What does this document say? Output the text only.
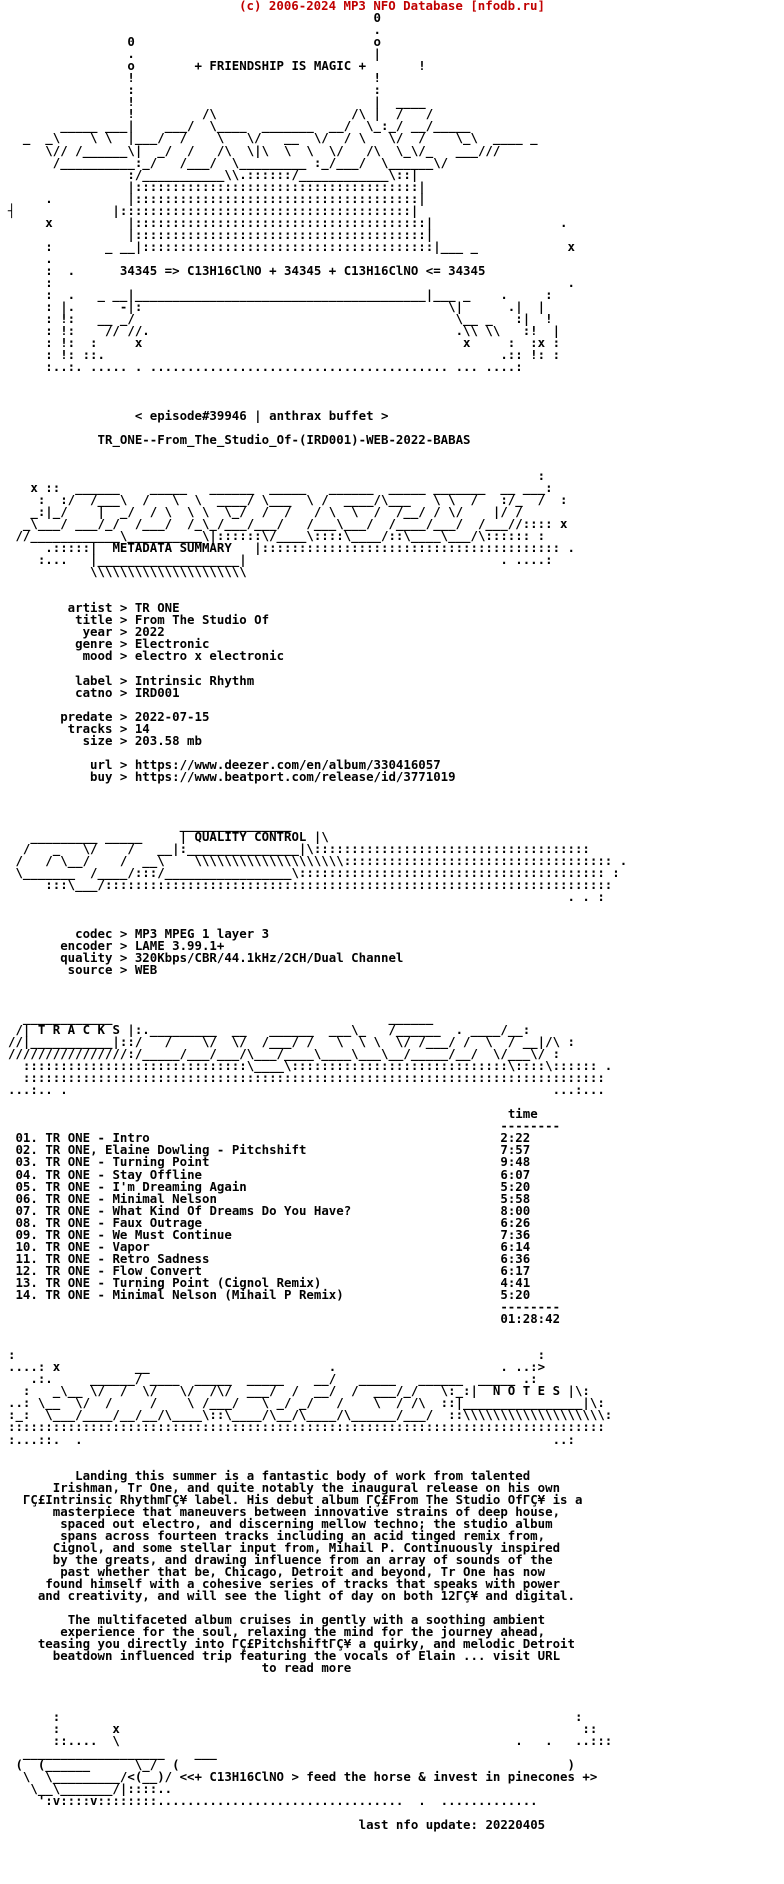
(c) 2006-2024 MP3 NFO Database [nfodb.ru]
0
.
0                                o
.                                |
o	+ FRIENDSHIP IS MAGIC +	!
!                                !
:                                :
!                                |  ____
!         /\                  /\ |  /   /
_____ ___|    ___/  \____  _______  __/  \_:_/ __/_____
_  _\    \ \  |___/  /    \   \/   __  \/  / \   \/  /    \_\  ____ _
\// /______\|  _/  /   /\  \|\  \  \  \/   /\  \_\/_   ___///
/__________:_/   /___/  \_________ :_/___/  \______\/
:/___________\\.::::::/____________\::|
|::::::::::::::::::::::::::::::::::::::|
.          |::::::::::::::::::::::::::::::::::::::|
┤             |:::::::::::::::::::::::::::::::::::::::|
x          |:::::::::::::::::::::::::::::::::::::::|                 .
|:::::::::::::::::::::::::::::::::::::::|
:       _ __|:::::::::::::::::::::::::::::::::::::::|___ _            x
.
:  .	34345 => C13H16ClNO + 34345 + C13H16ClNO <= 34345
:                                                                     .
:  .   _ __|_______________________________________|___ _    .     :
: |.      -|:                                         \|      .|  |
: !:   __ _/                                           \__ _   :|  !
: !:    // //.                                         .\\ \\   :!  |
: !:  :     x                                           x     :  :x :
: !: ::.                                                     .:: !: :
:..:. ..... . ........................................ ... ....:

< episode#39946 | anthrax buffet >

TR_ONE--From_The_Studio_Of-(IRD001)-WEB-2022-BABAS

:
x ::  ______    _____   ______  _____   ______  _____ _______  __ ___:
:  :/  /___\  /   \  \  ____/ \___  \ /  ____/\___   \ \  /   :/_  /  :
_:|_/    |  _/  / \  \ \  \_/  /  /   / \  \  /  /__/ / \/    |/ /
_\___/ ___/_/  /___/  /_\_/___/___/   /___\___/  /____/___/  /___//:::: x
//____________\__________\|::::::\/____\::::\____/::\____\___/\:::::: :
.:::::|  METADATA SUMMARY   |:::::::::::::::::::::::::::::::::::::::: .
:...   |___________________|                                  . ....:
\\\\\\\\\\\\\\\\\\\\\

artist > TR ONE
title > From The Studio Of
year > 2022
genre > Electronic
mood > electro x electronic

label > Intrinsic Rhythm
catno > IRD001

predate > 2022-07-15
tracks > 14
size > 203.58 mb

url > https://www.deezer.com/en/album/330416057
buy > https://www.beatport.com/release/id/3771019

_______________
_________ _____     | QUALITY CONTROL |\
/   _   \/    /   __|:_______________|\:::::::::::::::::::::::::::::::::::::
/   / \__/    /  __\    \\\\\\\\\\\\\\\\\\\\:::::::::::::::::::::::::::::::::::: .
\_______  /____/:::/_________________\::::::::::::::::::::::::::::::::::::::::: :
:::\___/::::::::::::::::::::::::::::::::::::::::::::::::::::::::::::::::::::
. . :

codec > MP3 MPEG 1 layer 3
encoder > LAME 3.99.1+
quality > 320Kbps/CBR/44.1kHz/2CH/Dual Channel
source > WEB

____________                                     ______
/| T R A C K S |:._________  __   ______  ___\_   /______  . ____/__:
//|___________|::/   /    \/  \/  /___/ /   \  \ \  \/ /___/ /  \  / __|/\ :
////////////////:/_____/___/___/\___/____\____\___\__/_____/__/  \/___\/ :
::::::::::::::::::::::::::::::\____\:::::::::::::::::::::::::::::\::::\:::::: .
::::::::::::::::::::::::::::::::::::::::::::::::::::::::::::::::::::::::::::::
...:.. .                                                                 ...:...

time
--------
01. TR ONE - Intro	2:22
02. TR ONE, Elaine Dowling - Pitchshift	7:57
03. TR ONE - Turning Point	9:48
04. TR ONE - Stay Offline	6:07
05. TR ONE - I'm Dreaming Again	5:20
06. TR ONE - Minimal Nelson	5:58
07. TR ONE - What Kind Of Dreams Do You Have?	8:00
08. TR ONE - Faux Outrage	6:26
09. TR ONE - We Must Continue	7:36
10. TR ONE - Vapor	6:14
11. TR ONE - Retro Sadness	6:36
12. TR ONE - Flow Convert	6:17
13. TR ONE - Turning Point (Cignol Remix)	4:41
14. TR ONE - Minimal Nelson (Mihail P Remix)	5:20
--------
01:28:42

:                                                                      :
....: x          __                        .                      . ..:>
.:.     ______/ ____  _____  _____    __/   _____   ______  _____ .:
:   _\__ \/  /  \/   \/  /\/  ___/  /  __/  /  ___/_/   \:_:|  N O T E S |\:
..: \__  \/  /     /    \ /___/   \ _/ _/   /    \  / /\  ::|________________|\:
:_:  \___/____/__/__/\____\::\____/\__/\____/\______/___/  ::\\\\\\\\\\\\\\\\\\\:
::::::::::::::::::::::::::::::::::::::::::::::::::::::::::::::::::::::::::::::::
:...::.  .                                                               ..:

Landing this summer is a fantastic body of work from talented
Irishman, Tr One, and quite notably the inaugural release on his own
ΓÇ£Intrinsic RhythmΓÇ¥ label. His debut album ΓÇ£From The Studio OfΓÇ¥ is a
masterpiece that maneuvers between innovative strains of deep house,
spaced out electro, and discerning mellow techno; the studio album
spans across fourteen tracks including an acid tinged remix from,
Cignol, and some stellar input from, Mihail P. Continuously inspired
by the greats, and drawing influence from an array of sounds of the
past whether that be, Chicago, Detroit and beyond, Tr One has now
found himself with a cohesive series of tracks that speaks with power
and creativity, and will see the light of day on both 12ΓÇ¥ and digital.

The multifaceted album cruises in gently with a soothing ambient
experience for the soul, relaxing the mind for the journey ahead,
teasing you directly into ΓÇ£PitchshiftΓÇ¥ a quirky, and melodic Detroit
beatdown influenced trip featuring the vocals of Elain ... visit URL
to read more

:                                                                     :
:       x                                                              ::
::....  \                                                     .   .   ..:::
___________________    ___
(  (______      \_/  (                                                    )
\  \_________/<(__)/ <<+ C13H16ClNO > feed the horse & invest in pinecones +>
\__\_______/|::::..
':v::::v::::::::.................................  .  .............

last nfo update: 20220405
